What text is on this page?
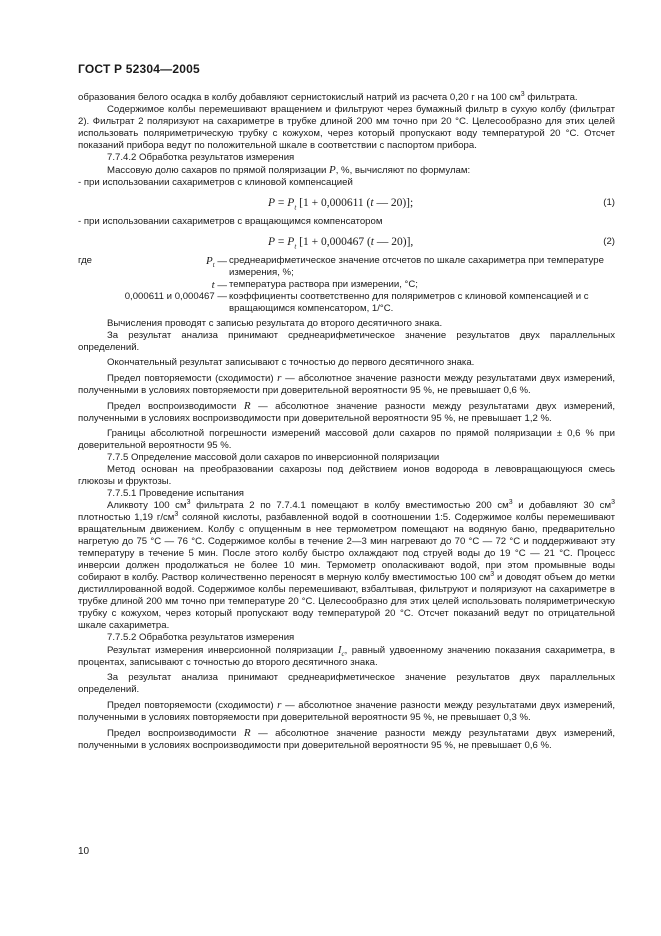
ГОСТ Р 52304—2005

образования белого осадка в колбу добавляют сернистокислый натрий из расчета 0,20 г на 100 $см^3$ фильтрата.

Содержимое колбы перемешивают вращением и фильтруют через бумажный фильтр в сухую колбу (фильтрат 2). Фильтрат 2 поляризуют на сахариметре в трубке длиной 200 мм точно при 20 °С. Целесообразно для этих целей использовать поляриметрическую трубку с кожухом, через который пропускают воду температурой 20 °С. Отсчет показаний прибора ведут по положительной шкале в соответствии с паспортом прибора.

7.7.4.2 Обработка результатов измерения

Массовую долю сахаров по прямой поляризации Р, %, вычисляют по формулам:

- при использовании сахариметров с клиновой компенсацией

$P = P_t$ [1 + 0,000611 (t — 20)];	(1)

- при использовании сахариметров с вращающимся компенсатором

$P = P_t$ [1 + 0,000467 (t — 20)],	(2)
где	$P_t$ — среднеарифметическое значение отсчетов по шкале сахариметра при температуре измерения, %;
t — температура раствора при измерении, °С;
0,000611 и 0,000467 — коэффициенты соответственно для поляриметров с клиновой компенсацией и с вращающимся компенсатором, 1/°С.

Вычисления проводят с записью результата до второго десятичного знака.

За результат анализа принимают среднеарифметическое значение результатов двух параллельных определений.

Окончательный результат записывают с точностью до первого десятичного знака.

Предел повторяемости (сходимости) r — абсолютное значение разности между результатами двух измерений, полученными в условиях повторяемости при доверительной вероятности 95 %, не превышает 0,6 %.

Предел воспроизводимости R — абсолютное значение разности между результатами двух измерений, полученными в условиях воспроизводимости при доверительной вероятности 95 %, не превышает 1,2 %.

Границы абсолютной погрешности измерений массовой доли сахаров по прямой поляризации ± 0,6 % при доверительной вероятности 95 %.

7.7.5 Определение массовой доли сахаров по инверсионной поляризации

Метод основан на преобразовании сахарозы под действием ионов водорода в левовращающуюся смесь глюкозы и фруктозы.

7.7.5.1 Проведение испытания

Аликвоту 100 $см^3$ фильтрата 2 по 7.7.4.1 помещают в колбу вместимостью 200 $см^3$ и добавляют 30 $см^3$ плотностью 1,19 $г/см^3$ соляной кислоты, разбавленной водой в соотношении 1:5. Содержимое колбы перемешивают вращательным движением. Колбу с опущенным в нее термометром помещают на водяную баню, предварительно нагретую до 75 °С — 76 °С. Содержимое колбы в течение 2—3 мин нагревают до 70 °С — 72 °С и поддерживают эту температуру в течение 5 мин. После этого колбу быстро охлаждают под струей воды до 19 °С — 21 °С. Процесс инверсии должен продолжаться не более 10 мин. Термометр ополаскивают водой, при этом промывные воды собирают в колбу. Раствор количественно переносят в мерную колбу вместимостью 100 $см^3$ и доводят объем до метки дистиллированной водой. Содержимое колбы перемешивают, взбалтывая, фильтруют и поляризуют на сахариметре в трубке длиной 200 мм точно при температуре 20 °С. Целесообразно для этих целей использовать поляриметрическую трубку с кожухом, через который пропускают воду температурой 20 °С. Отсчет показаний ведут по отрицательной шкале сахариметра.

7.7.5.2 Обработка результатов измерения

Результат измерения инверсионной поляризации $I_c$, равный удвоенному значению показания сахариметра, в процентах, записывают с точностью до второго десятичного знака.

За результат анализа принимают среднеарифметическое значение результатов двух параллельных определений.

Предел повторяемости (сходимости) r — абсолютное значение разности между результатами двух измерений, полученными в условиях повторяемости при доверительной вероятности 95 %, не превышает 0,3 %.

Предел воспроизводимости R — абсолютное значение разности между результатами двух измерений, полученными в условиях воспроизводимости при доверительной вероятности 95 %, не превышает 0,6 %.

10
